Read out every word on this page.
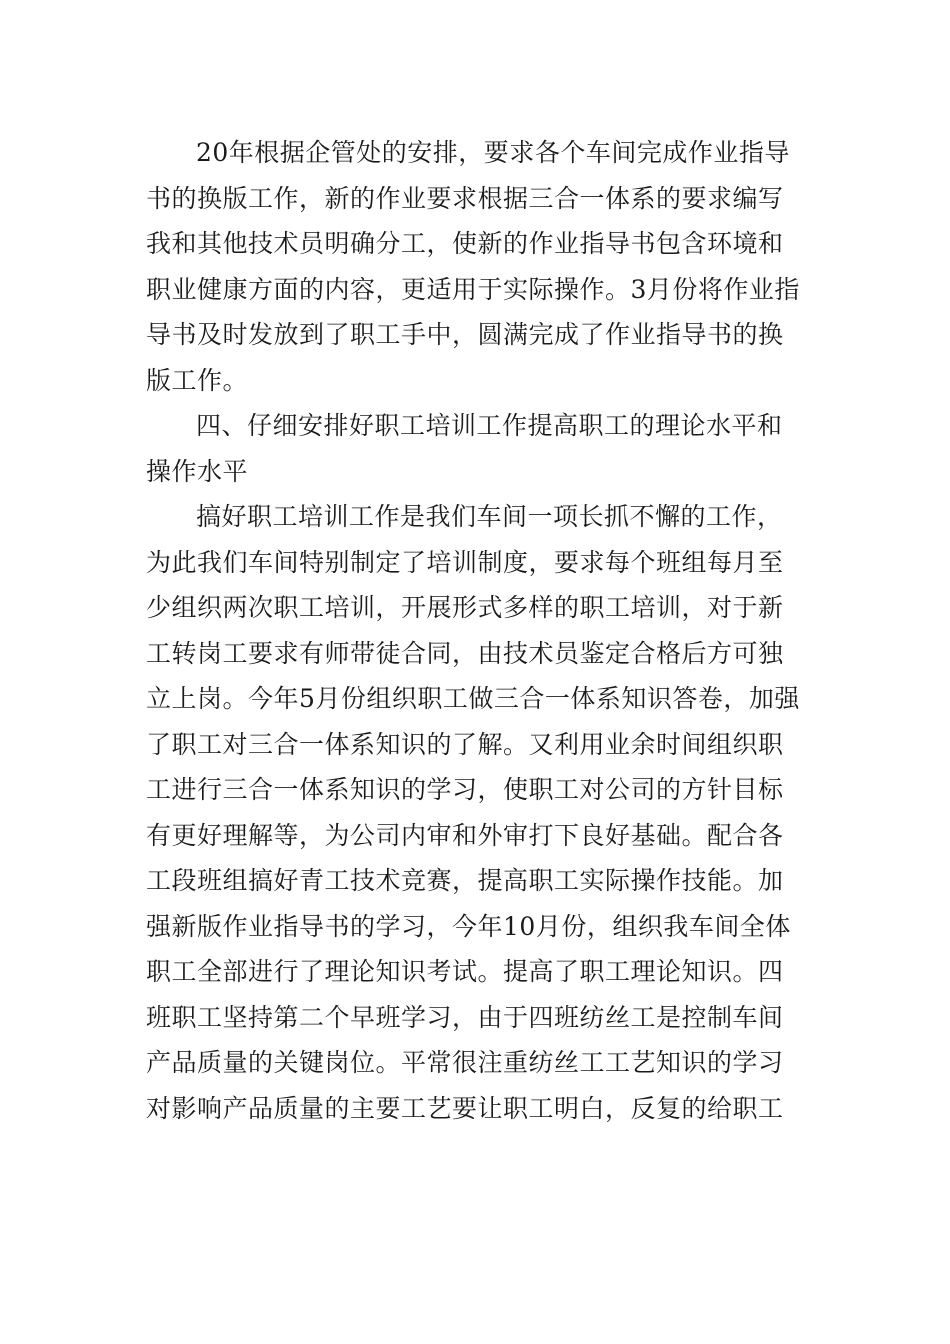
20年根据企管处的安排，要求各个车间完成作业指导
书的换版工作，新的作业要求根据三合一体系的要求编写
我和其他技术员明确分工，使新的作业指导书包含环境和
职业健康方面的内容，更适用于实际操作。3月份将作业指
导书及时发放到了职工手中，圆满完成了作业指导书的换
版工作。
四、仔细安排好职工培训工作提高职工的理论水平和
操作水平
搞好职工培训工作是我们车间一项长抓不懈的工作，
为此我们车间特别制定了培训制度，要求每个班组每月至
少组织两次职工培训，开展形式多样的职工培训，对于新
工转岗工要求有师带徒合同，由技术员鉴定合格后方可独
立上岗。今年5月份组织职工做三合一体系知识答卷，加强
了职工对三合一体系知识的了解。又利用业余时间组织职
工进行三合一体系知识的学习，使职工对公司的方针目标
有更好理解等，为公司内审和外审打下良好基础。配合各
工段班组搞好青工技术竞赛，提高职工实际操作技能。加
强新版作业指导书的学习，今年10月份，组织我车间全体
职工全部进行了理论知识考试。提高了职工理论知识。四
班职工坚持第二个早班学习，由于四班纺丝工是控制车间
产品质量的关键岗位。平常很注重纺丝工工艺知识的学习
对影响产品质量的主要工艺要让职工明白，反复的给职工
